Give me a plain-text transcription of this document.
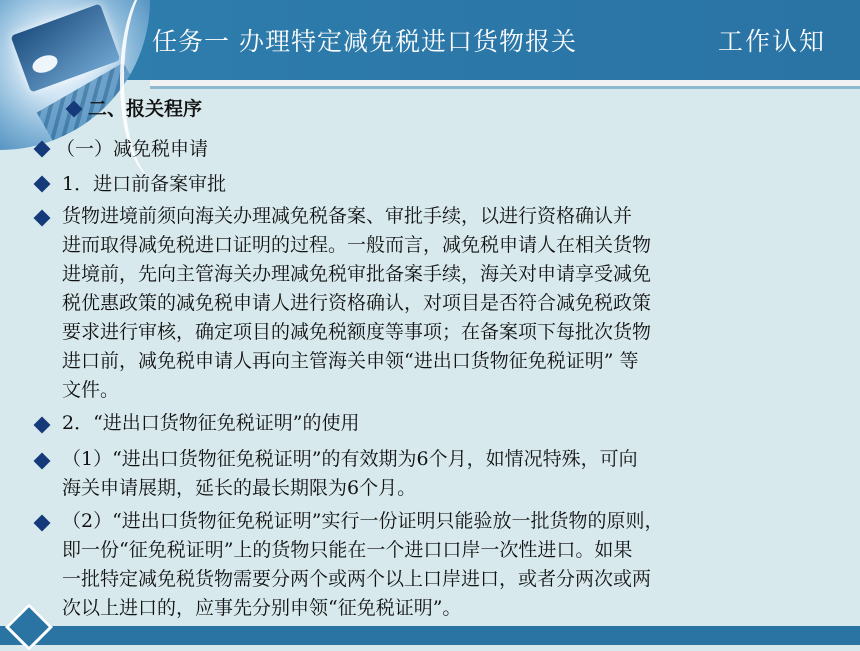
任务一 办理特定减免税进口货物报关	工作认知
二、报关程序
（一）减免税申请
1．进口前备案审批
货物进境前须向海关办理减免税备案、审批手续，以进行资格确认并
进而取得减免税进口证明的过程。一般而言，减免税申请人在相关货物
进境前，先向主管海关办理减免税审批备案手续，海关对申请享受减免
税优惠政策的减免税申请人进行资格确认，对项目是否符合减免税政策
要求进行审核，确定项目的减免税额度等事项；在备案项下每批次货物
进口前，减免税申请人再向主管海关申领“进出口货物征免税证明” 等
文件。
2．“进出口货物征免税证明”的使用
（1）“进出口货物征免税证明”的有效期为6个月，如情况特殊，可向
海关申请展期，延长的最长期限为6个月。
（2）“进出口货物征免税证明”实行一份证明只能验放一批货物的原则，
即一份“征免税证明”上的货物只能在一个进口口岸一次性进口。如果
一批特定减免税货物需要分两个或两个以上口岸进口，或者分两次或两
次以上进口的，应事先分别申领“征免税证明”。
